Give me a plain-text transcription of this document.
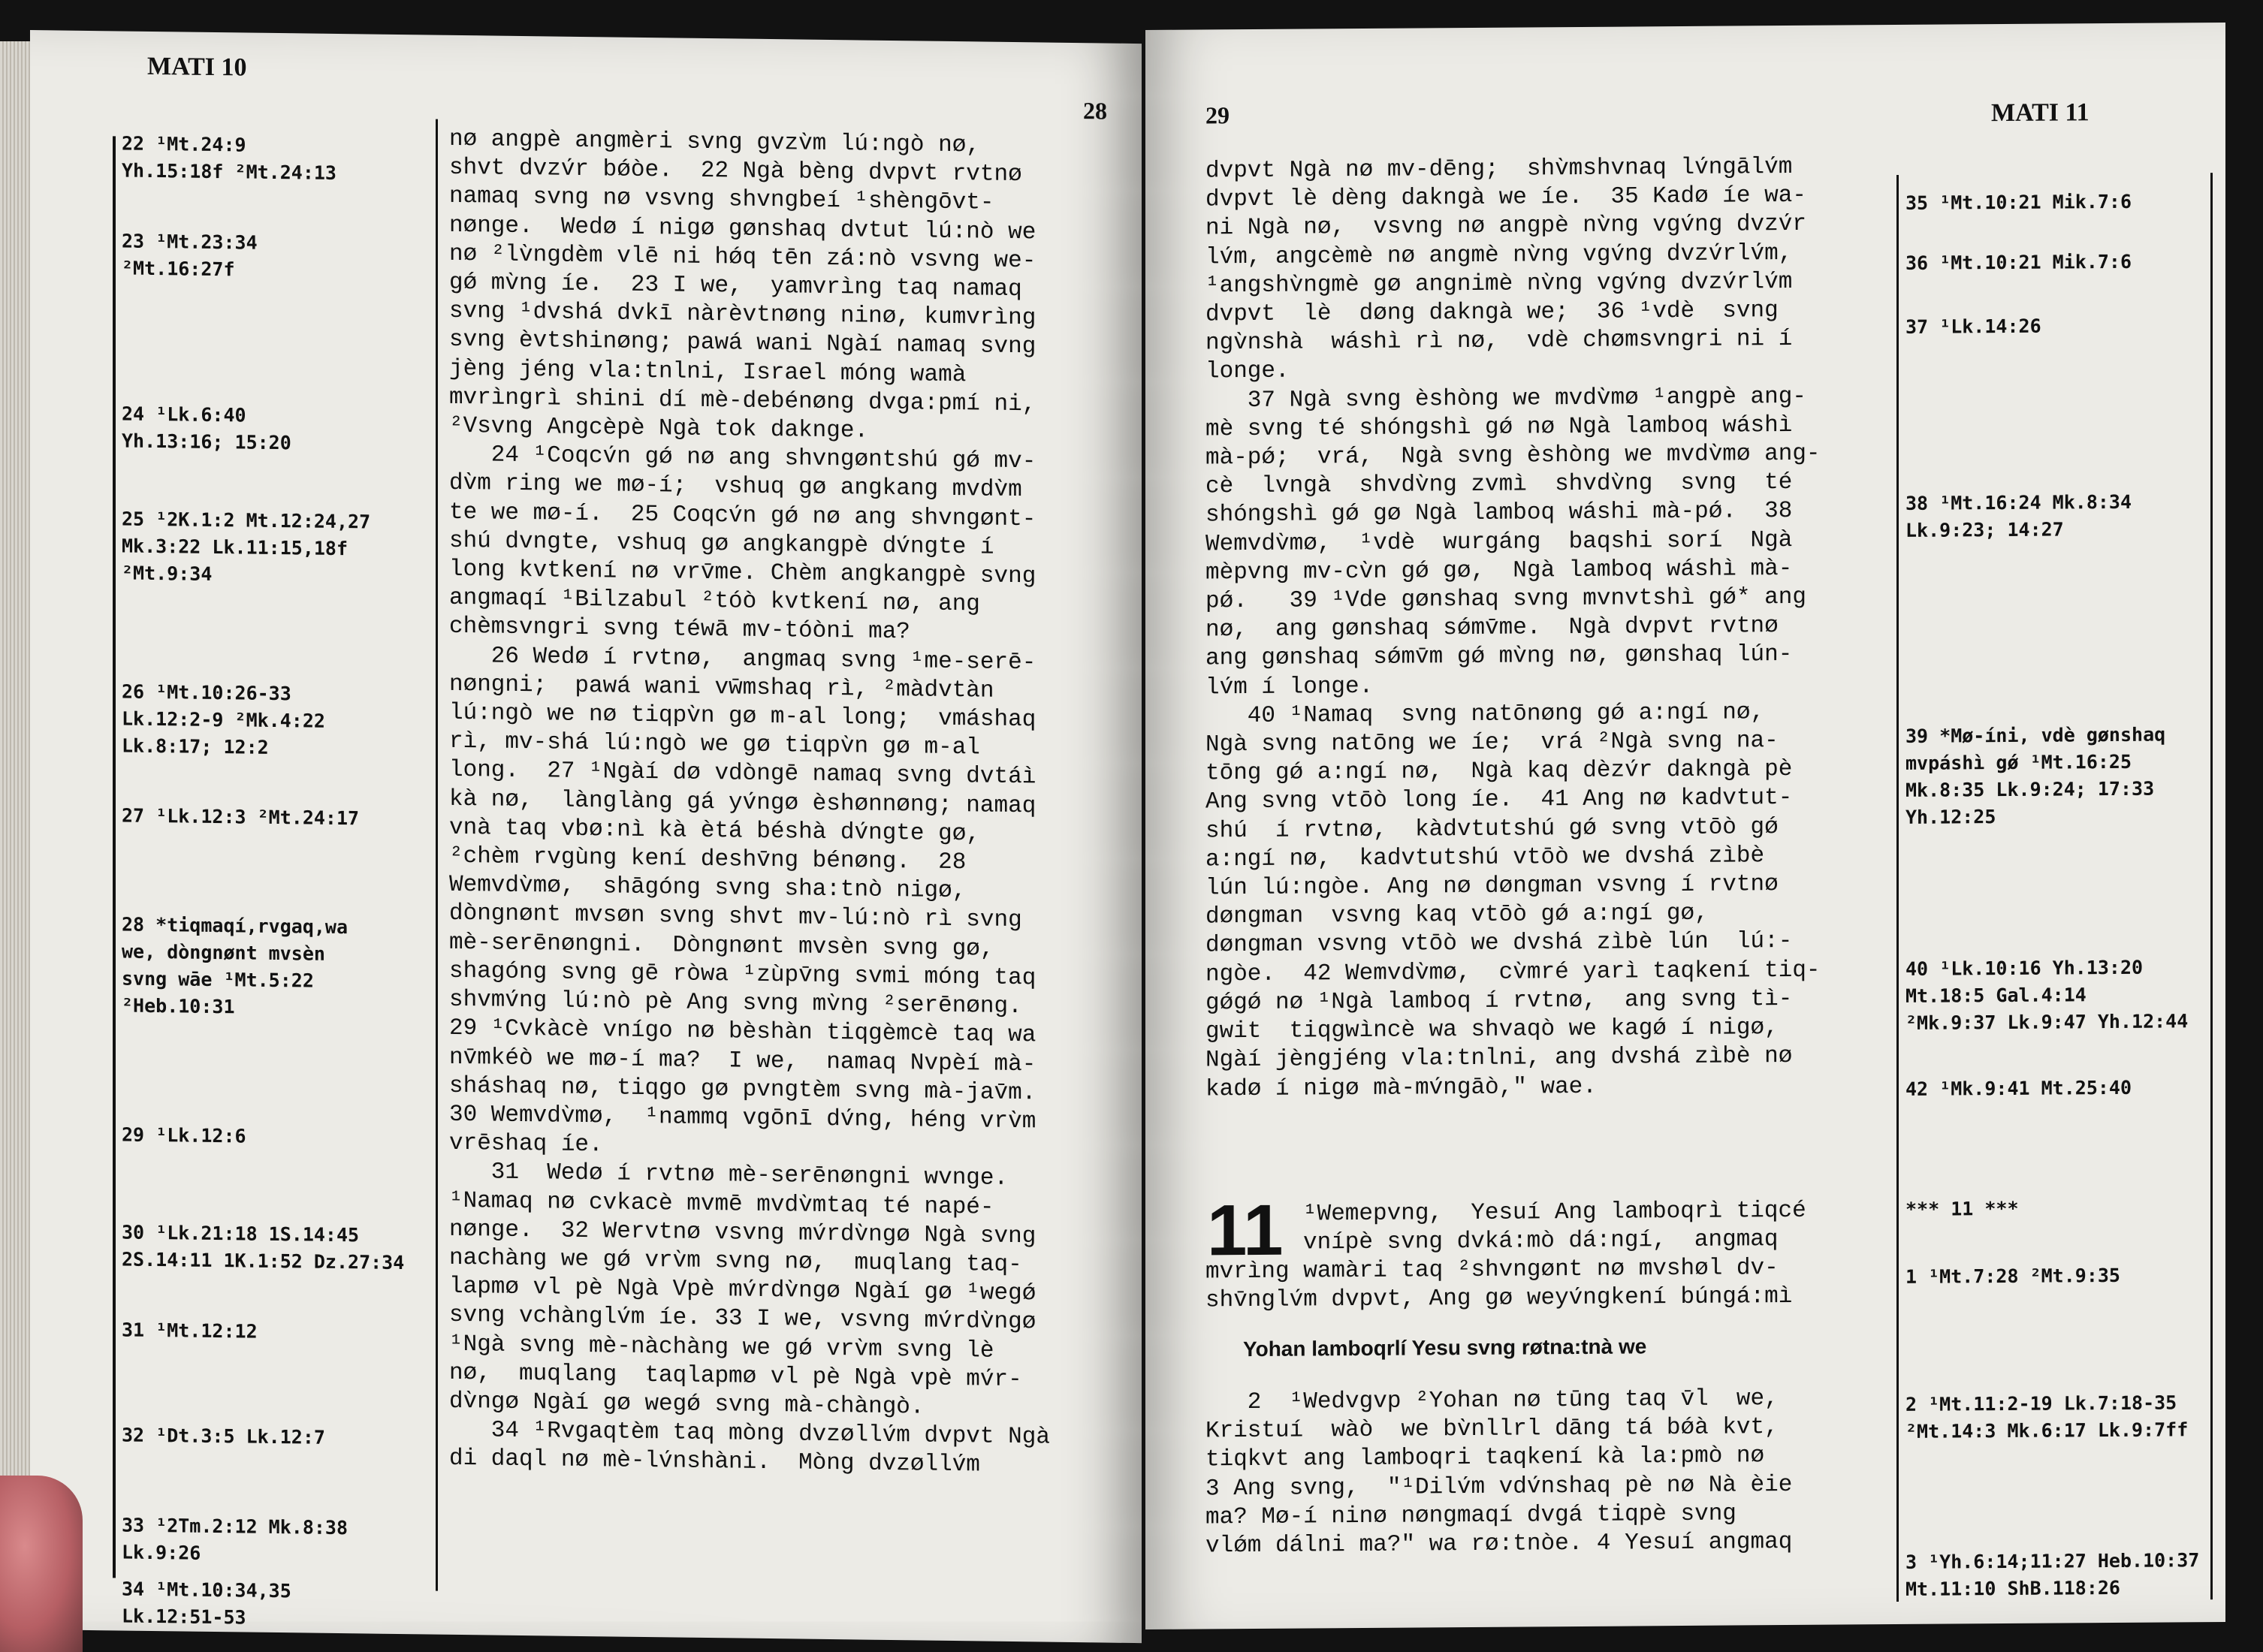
MATI 10
28
22 ¹Mt.24:9
Yh.15:18f ²Mt.24:13
23 ¹Mt.23:34
²Mt.16:27f
24 ¹Lk.6:40
Yh.13:16; 15:20
25 ¹2K.1:2 Mt.12:24,27
Mk.3:22 Lk.11:15,18f
²Mt.9:34
26 ¹Mt.10:26-33
Lk.12:2-9 ²Mk.4:22
Lk.8:17; 12:2
27 ¹Lk.12:3 ²Mt.24:17
28 *tiqmaqí,rvgaq,wa
we, dòngnønt mvsèn
svng wāe ¹Mt.5:22
²Heb.10:31
29 ¹Lk.12:6
30 ¹Lk.21:18 1S.14:45
2S.14:11 1K.1:52 Dz.27:34
31 ¹Mt.12:12
32 ¹Dt.3:5 Lk.12:7
33 ¹2Tm.2:12 Mk.8:38
Lk.9:26
34 ¹Mt.10:34,35
Lk.12:51-53
nø angpè angmèri svng gvzv̀m lú:ngò nø,
shvt dvzv́r bǿòe.  22 Ngà bèng dvpvt rvtnø
namaq svng nø vsvng shvngbeí ¹shèngōvt-
nønge.  Wedø í nigø gønshaq dvtut lú:nò we
nø ²lv̀ngdèm vlē ni hǿq tēn zá:nò vsvng we-
gǿ mv̀ng íe.  23 I we,  yamvrìng taq namaq
svng ¹dvshá dvkī nàrèvtnøng ninø, kumvrìng
svng èvtshinøng; pawá wani Ngàí namaq svng
jèng jéng vla:tnlni, Israel móng wamà
mvrìngrì shini dí mè-debénøng dvga:pmí ni,
²Vsvng Angcèpè Ngà tok daknge.
24 ¹Coqcv́n gǿ nø ang shvngøntshú gǿ mv-
dv̀m ring we mø-í;  vshuq gø angkang mvdv̀m
te we mø-í.  25 Coqcv́n gǿ nø ang shvngønt-
shú dvngte, vshuq gø angkangpè dv́ngte í
long kvtkení nø vrv̄me. Chèm angkangpè svng
angmaqí ¹Bilzabul ²tóò kvtkení nø, ang
chèmsvngri svng téwā mv-tóòni ma?
26 Wedø í rvtnø,  angmaq svng ¹me-serē-
nøngni;  pawá wani vw̄mshaq rì, ²màdvtàn
lú:ngò we nø tiqpv̀n gø m-al long;  vmáshaq
rì, mv-shá lú:ngò we gø tiqpv̀n gø m-al
long.  27 ¹Ngàí dø vdòngē namaq svng dvtáì
kà nø,  lànglàng gá yv́ngø èshønnøng; namaq
vnà taq vbø:nì kà ètá béshà dv́ngte gø,
²chèm rvgùng kení deshv̄ng bénøng.  28
Wemvdv̀mø,  shāgóng svng sha:tnò nigø,
dòngnønt mvsøn svng shvt mv-lú:nò rì svng
mè-serēnøngni.  Dòngnønt mvsèn svng gø,
shagóng svng gē ròwa ¹zùpv̄ng svmi móng taq
shvmv́ng lú:nò pè Ang svng mv̀ng ²serēnøng.
29 ¹Cvkàcè vnígo nø bèshàn tiqgèmcè taq wa
nv̄mkéò we mø-í ma?  I we,  namaq Nvpèí mà-
sháshaq nø, tiqgo gø pvngtèm svng mà-jav̄m.
30 Wemvdv̀mø,  ¹nammq vgōnī dv́ng, héng vrv̀m
vrēshaq íe.
31  Wedø í rvtnø mè-serēnøngni wvnge.
¹Namaq nø cvkacè mvmē mvdv̀mtaq té napé-
nønge.  32 Wervtnø vsvng mv́rdv̀ngø Ngà svng
nachàng we gǿ vrv̀m svng nø,  muqlang taq-
lapmø vl pè Ngà Vpè mv́rdv̀ngø Ngàí gø ¹wegǿ
svng vchànglv́m íe. 33 I we, vsvng mv́rdv̀ngø
¹Ngà svng mè-nàchàng we gǿ vrv̀m svng lè
nø,  muqlang  taqlapmø vl pè Ngà vpè mv́r-
dv̀ngø Ngàí gø wegǿ svng mà-chàngò.
34 ¹Rvgaqtèm taq mòng dvzøllv́m dvpvt Ngà
di daql nø mè-lv́nshàni.  Mòng dvzøllv́m
29	MATI 11
dvpvt Ngà nø mv-dēng;  shv̀mshvnaq lv́ngālv́m
dvpvt lè dèng dakngà we íe.  35 Kadø íe wa-
ni Ngà nø,  vsvng nø angpè nv̀ng vgv́ng dvzv́r
lv́m, angcèmè nø angmè nv̀ng vgv́ng dvzv́rlv́m,
¹angshv̀ngmè gø angnimè nv̀ng vgv́ng dvzv́rlv́m
dvpvt  lè  døng dakngà we;  36 ¹vdè  svng
ngv̀nshà  wáshì rì nø,  vdè chømsvngri ni í
longe.
37 Ngà svng èshòng we mvdv̀mø ¹angpè ang-
mè svng té shóngshì gǿ nø Ngà lamboq wáshì
mà-pǿ;  vrá,  Ngà svng èshòng we mvdv̀mø ang-
cè  lvngà  shvdv̀ng zvmì  shvdv̀ng  svng  té
shóngshì gǿ gø Ngà lamboq wáshi mà-pǿ.  38
Wemvdv̀mø,  ¹vdè  wurgáng  baqshi sorí  Ngà
mèpvng mv-cv̀n gǿ gø,  Ngà lamboq wáshì mà-
pǿ.   39 ¹Vde gønshaq svng mvnvtshì gǿ* ang
nø,  ang gønshaq sǿmv̄me.  Ngà dvpvt rvtnø
ang gønshaq sǿmv̄m gǿ mv̀ng nø, gønshaq lún-
lv́m í longe.
40 ¹Namaq  svng natōnøng gǿ a:ngí nø,
Ngà svng natōng we íe;  vrá ²Ngà svng na-
tōng gǿ a:ngí nø,  Ngà kaq dèzv́r dakngà pè
Ang svng vtōò long íe.  41 Ang nø kadvtut-
shú  í rvtnø,  kàdvtutshú gǿ svng vtōò gǿ
a:ngí nø,  kadvtutshú vtōò we dvshá zìbè
lún lú:ngòe. Ang nø døngman vsvng í rvtnø
døngman  vsvng kaq vtōò gǿ a:ngí gø,
døngman vsvng vtōò we dvshá zìbè lún  lú:-
ngòe.  42 Wemvdv̀mø,  cv̀mré yarì taqkení tiq-
gǿgǿ nø ¹Ngà lamboq í rvtnø,  ang svng tì-
gwit  tiqgwìncè wa shvaqò we kagǿ í nigø,
Ngàí jèngjéng vla:tnlni, ang dvshá zìbè nø
kadø í nigø mà-mv́ngāò," wae.
11 ¹Wemepvng,  Yesuí Ang lamboqrì tiqcé
vnípè svng dvká:mò dá:ngí,  angmaq
mvrìng wamàri taq ²shvngønt nø mvshøl dv-
shv̄nglv́m dvpvt, Ang gø weyv́ngkení búngá:mì
Yohan lamboqrlí Yesu svng røtna:tnà we
2  ¹Wedvgvp ²Yohan nø tūng taq v̄l  we,
Kristuí  wàò  we bv̀nllrl dāng tá bǿà kvt,
tiqkvt ang lamboqri taqkení kà la:pmò nø
3 Ang svng,  "¹Dilv́m vdv́nshaq pè nø Nà èie
ma? Mø-í ninø nøngmaqí dvgá tiqpè svng
vlǿm dálni ma?" wa rø:tnòe. 4 Yesuí angmaq
35 ¹Mt.10:21 Mik.7:6
36 ¹Mt.10:21 Mik.7:6
37 ¹Lk.14:26
38 ¹Mt.16:24 Mk.8:34
Lk.9:23; 14:27
39 *Mø-íni, vdè gønshaq
mvpáshì gǿ ¹Mt.16:25
Mk.8:35 Lk.9:24; 17:33
Yh.12:25
40 ¹Lk.10:16 Yh.13:20
Mt.18:5 Gal.4:14
²Mk.9:37 Lk.9:47 Yh.12:44
42 ¹Mk.9:41 Mt.25:40
*** 11 ***
1 ¹Mt.7:28 ²Mt.9:35
2 ¹Mt.11:2-19 Lk.7:18-35
²Mt.14:3 Mk.6:17 Lk.9:7ff
3 ¹Yh.6:14;11:27 Heb.10:37
Mt.11:10 ShB.118:26
